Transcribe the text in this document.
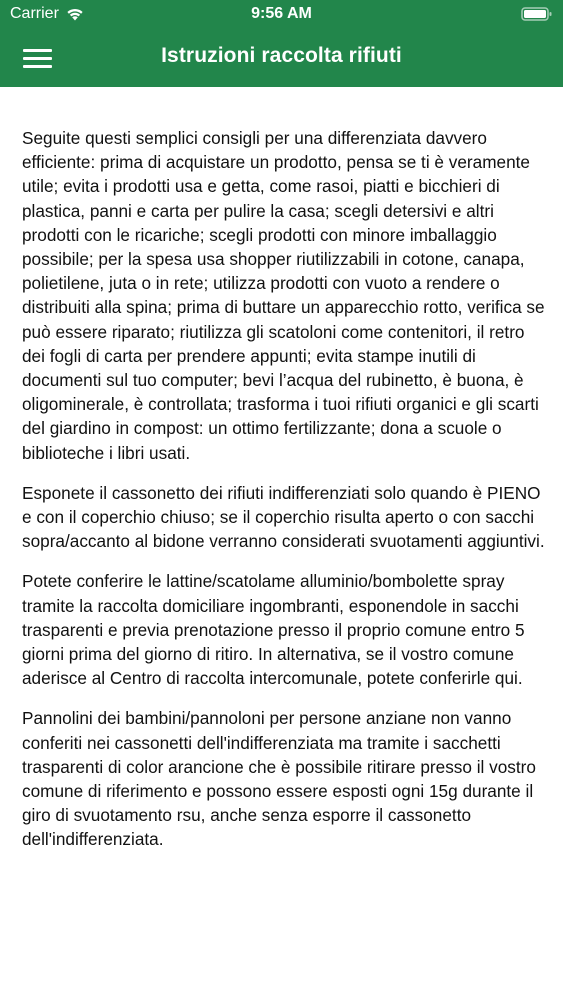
Carrier	9:56 AM
Istruzioni raccolta rifiuti

Seguite questi semplici consigli per una differenziata davvero efficiente: prima di acquistare un prodotto, pensa se ti è veramente utile; evita i prodotti usa e getta, come rasoi, piatti e bicchieri di plastica, panni e carta per pulire la casa; scegli detersivi e altri prodotti con le ricariche; scegli prodotti con minore imballaggio possibile; per la spesa usa shopper riutilizzabili in cotone, canapa, polietilene, juta o in rete; utilizza prodotti con vuoto a rendere o distribuiti alla spina; prima di buttare un apparecchio rotto, verifica se può essere riparato; riutilizza gli scatoloni come contenitori, il retro dei fogli di carta per prendere appunti; evita stampe inutili di documenti sul tuo computer; bevi l’acqua del rubinetto, è buona, è oligominerale, è controllata; trasforma i tuoi rifiuti organici e gli scarti del giardino in compost: un ottimo fertilizzante; dona a scuole o biblioteche i libri usati.

Esponete il cassonetto dei rifiuti indifferenziati solo quando è PIENO e con il coperchio chiuso; se il coperchio risulta aperto o con sacchi sopra/accanto al bidone verranno considerati svuotamenti aggiuntivi.

Potete conferire le lattine/scatolame alluminio/bombolette spray tramite la raccolta domiciliare ingombranti, esponendole in sacchi trasparenti e previa prenotazione presso il proprio comune entro 5 giorni prima del giorno di ritiro. In alternativa, se il vostro comune aderisce al Centro di raccolta intercomunale, potete conferirle qui.

Pannolini dei bambini/pannoloni per persone anziane non vanno conferiti nei cassonetti dell'indifferenziata ma tramite i sacchetti trasparenti di color arancione che è possibile ritirare presso il vostro comune di riferimento e possono essere esposti ogni 15g durante il giro di svuotamento rsu, anche senza esporre il cassonetto dell'indifferenziata.
